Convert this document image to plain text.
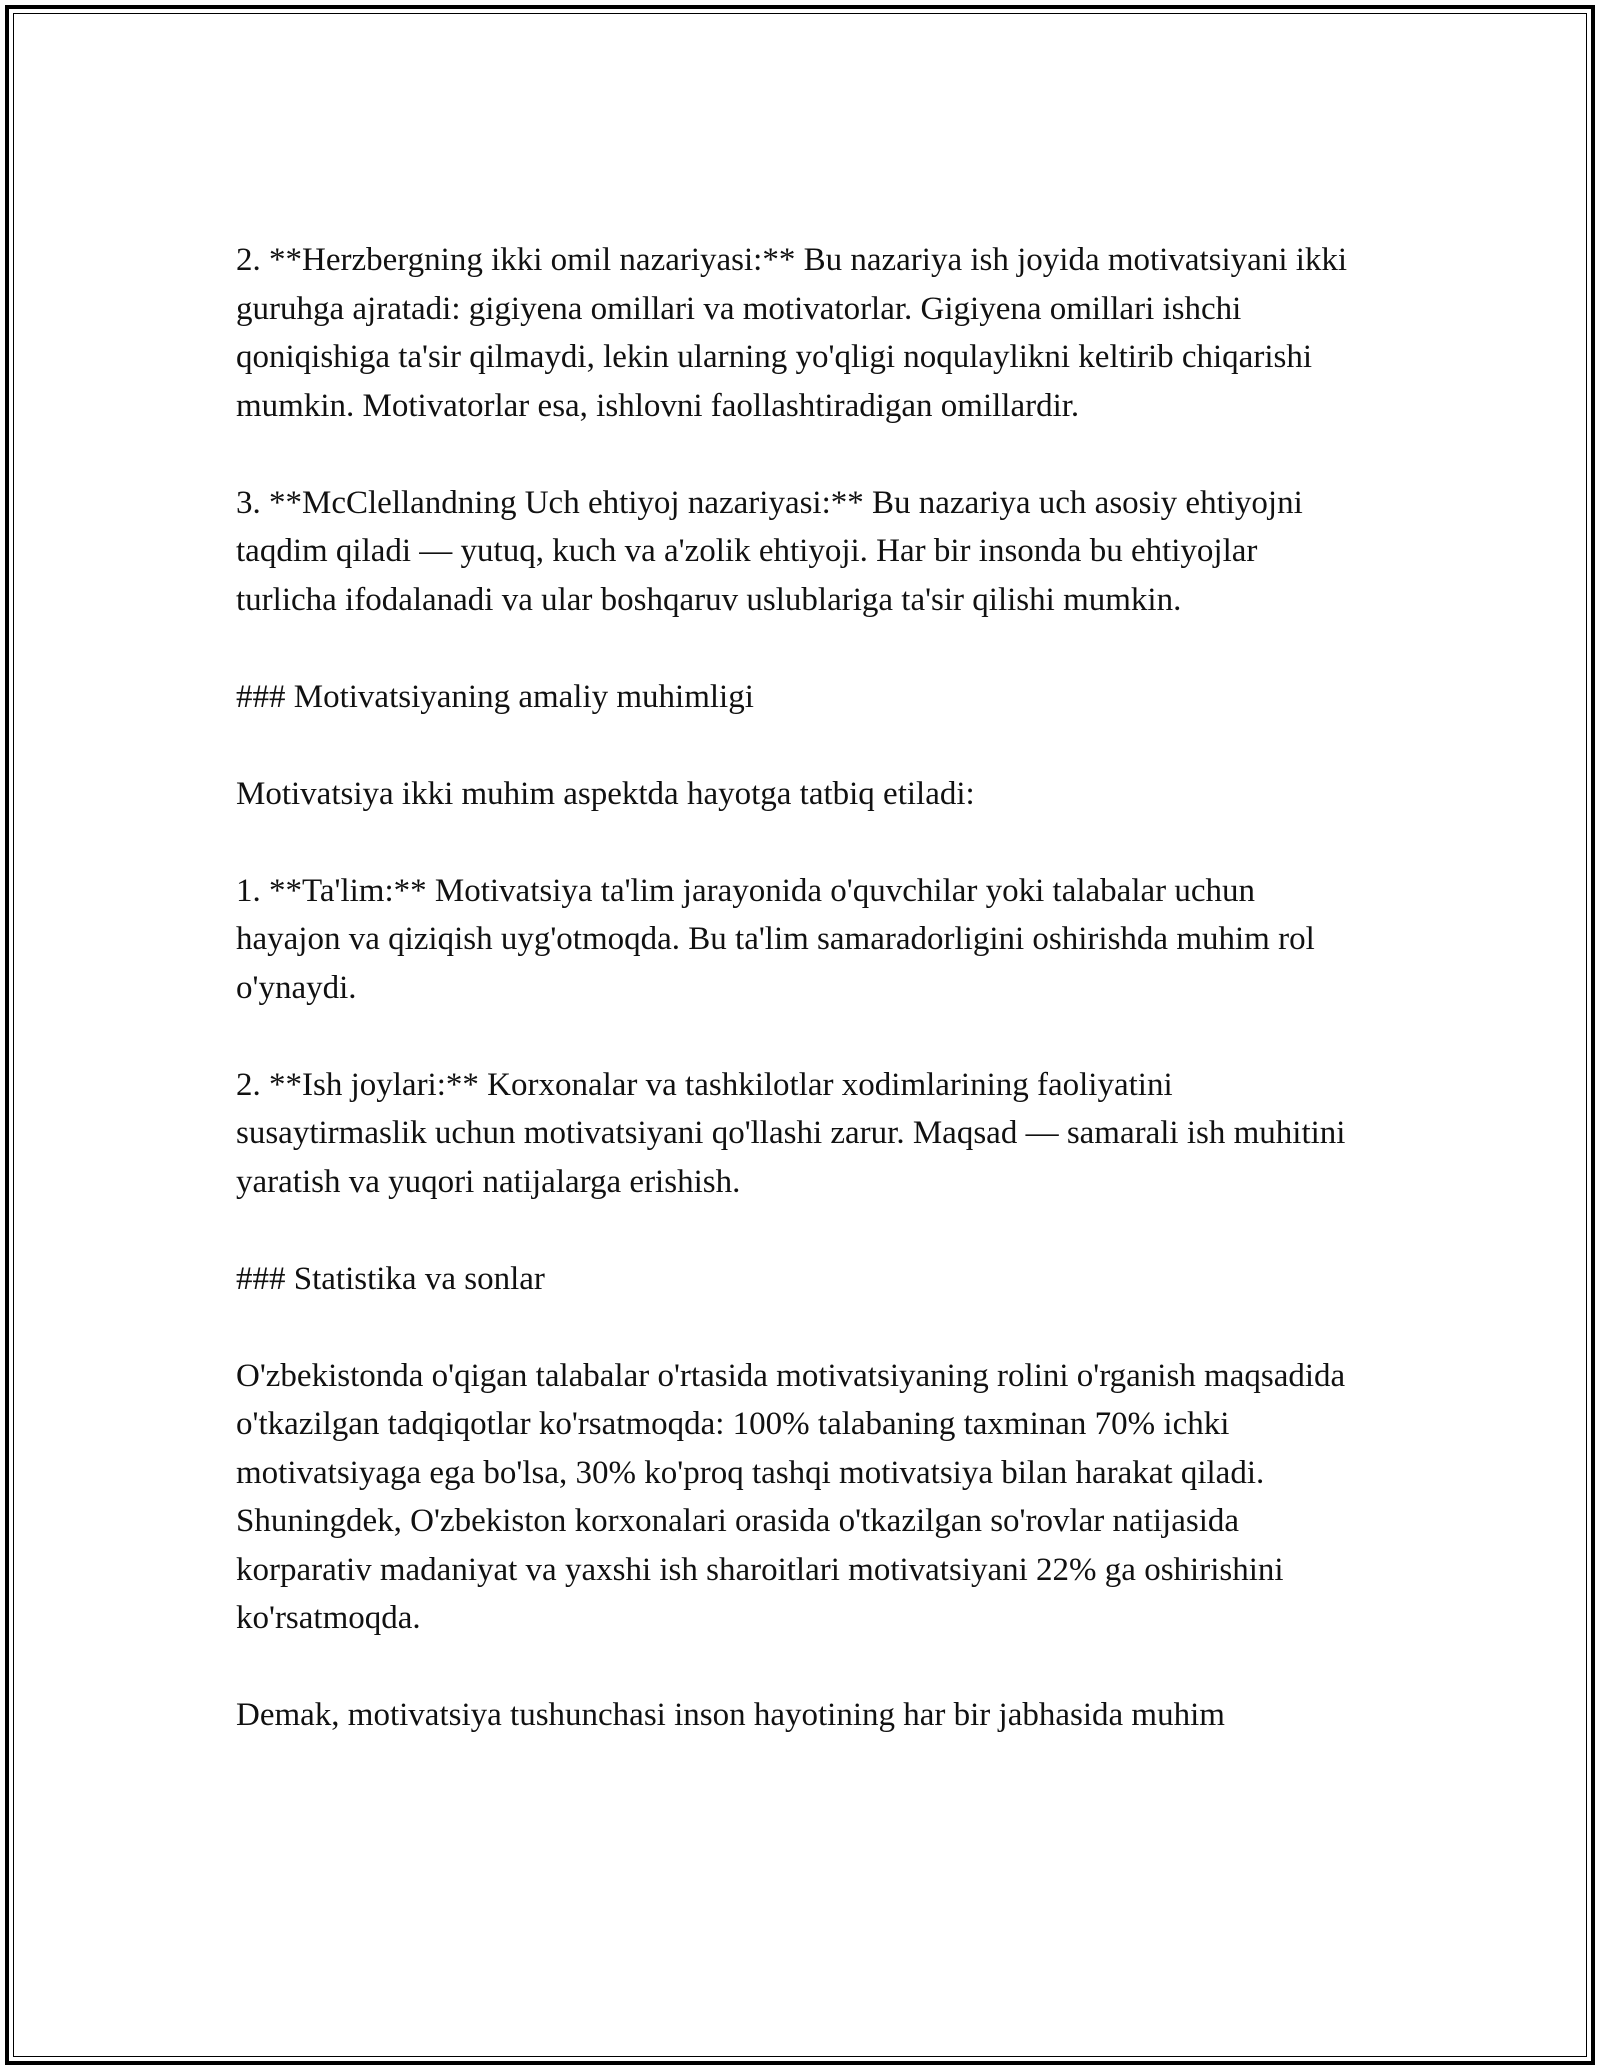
2. **Herzbergning ikki omil nazariyasi:** Bu nazariya ish joyida motivatsiyani ikki guruhga ajratadi: gigiyena omillari va motivatorlar. Gigiyena omillari ishchi qoniqishiga ta'sir qilmaydi, lekin ularning yo'qligi noqulaylikni keltirib chiqarishi mumkin. Motivatorlar esa, ishlovni faollashtiradigan omillardir.

3. **McClellandning Uch ehtiyoj nazariyasi:** Bu nazariya uch asosiy ehtiyojni taqdim qiladi — yutuq, kuch va a'zolik ehtiyoji. Har bir insonda bu ehtiyojlar turlicha ifodalanadi va ular boshqaruv uslublariga ta'sir qilishi mumkin.

### Motivatsiyaning amaliy muhimligi

Motivatsiya ikki muhim aspektda hayotga tatbiq etiladi:

1. **Ta'lim:** Motivatsiya ta'lim jarayonida o'quvchilar yoki talabalar uchun hayajon va qiziqish uyg'otmoqda. Bu ta'lim samaradorligini oshirishda muhim rol o'ynaydi.

2. **Ish joylari:** Korxonalar va tashkilotlar xodimlarining faoliyatini susaytirmaslik uchun motivatsiyani qo'llashi zarur. Maqsad — samarali ish muhitini yaratish va yuqori natijalarga erishish.

### Statistika va sonlar

O'zbekistonda o'qigan talabalar o'rtasida motivatsiyaning rolini o'rganish maqsadida o'tkazilgan tadqiqotlar ko'rsatmoqda: 100% talabaning taxminan 70% ichki motivatsiyaga ega bo'lsa, 30% ko'proq tashqi motivatsiya bilan harakat qiladi. Shuningdek, O'zbekiston korxonalari orasida o'tkazilgan so'rovlar natijasida korparativ madaniyat va yaxshi ish sharoitlari motivatsiyani 22% ga oshirishini ko'rsatmoqda.

Demak, motivatsiya tushunchasi inson hayotining har bir jabhasida muhim
